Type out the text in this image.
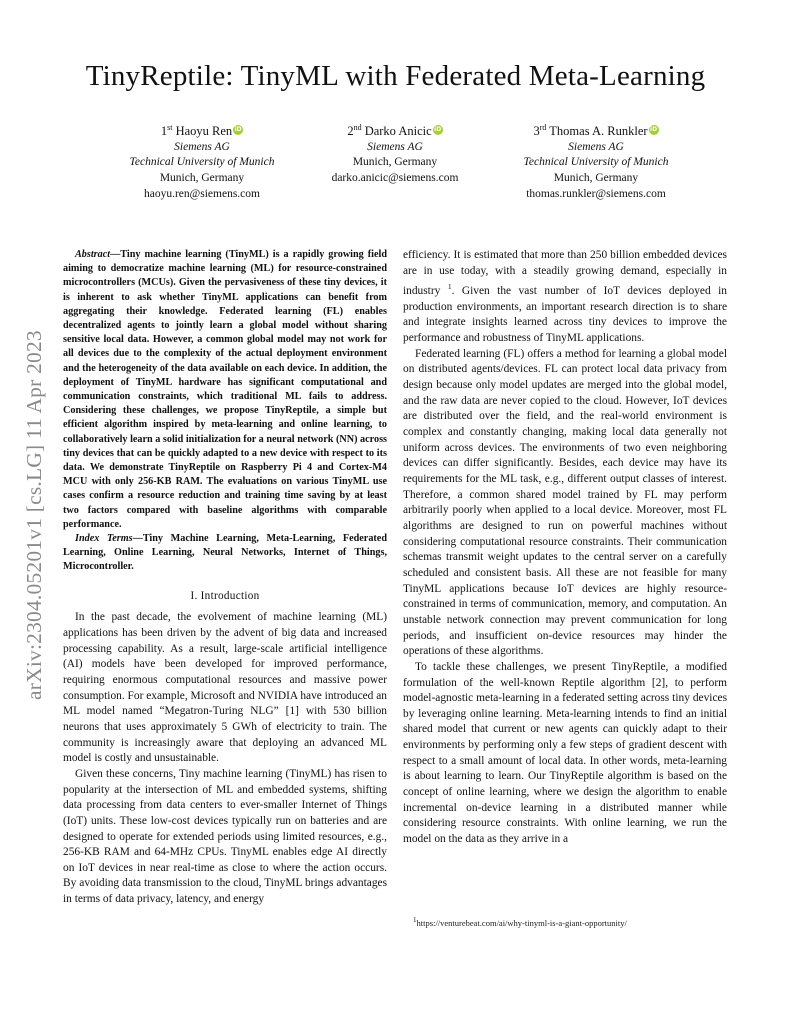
TinyReptile: TinyML with Federated Meta-Learning
1st Haoyu Ren iD
Siemens AG
Technical University of Munich
Munich, Germany
haoyu.ren@siemens.com
2nd Darko Anicic iD
Siemens AG
Munich, Germany
darko.anicic@siemens.com
3rd Thomas A. Runkler iD
Siemens AG
Technical University of Munich
Munich, Germany
thomas.runkler@siemens.com
arXiv:2304.05201v1 [cs.LG] 11 Apr 2023

Abstract—Tiny machine learning (TinyML) is a rapidly growing field aiming to democratize machine learning (ML) for resource-constrained microcontrollers (MCUs). Given the pervasiveness of these tiny devices, it is inherent to ask whether TinyML applications can benefit from aggregating their knowledge. Federated learning (FL) enables decentralized agents to jointly learn a global model without sharing sensitive local data. However, a common global model may not work for all devices due to the complexity of the actual deployment environment and the heterogeneity of the data available on each device. In addition, the deployment of TinyML hardware has significant computational and communication constraints, which traditional ML fails to address. Considering these challenges, we propose TinyReptile, a simple but efficient algorithm inspired by meta-learning and online learning, to collaboratively learn a solid initialization for a neural network (NN) across tiny devices that can be quickly adapted to a new device with respect to its data. We demonstrate TinyReptile on Raspberry Pi 4 and Cortex-M4 MCU with only 256-KB RAM. The evaluations on various TinyML use cases confirm a resource reduction and training time saving by at least two factors compared with baseline algorithms with comparable performance.

Index Terms—Tiny Machine Learning, Meta-Learning, Federated Learning, Online Learning, Neural Networks, Internet of Things, Microcontroller.

I. Introduction

In the past decade, the evolvement of machine learning (ML) applications has been driven by the advent of big data and increased processing capability. As a result, large-scale artificial intelligence (AI) models have been developed for improved performance, requiring enormous computational resources and massive power consumption. For example, Microsoft and NVIDIA have introduced an ML model named “Megatron-Turing NLG” [1] with 530 billion neurons that uses approximately 5 GWh of electricity to train. The community is increasingly aware that deploying an advanced ML model is costly and unsustainable.

Given these concerns, Tiny machine learning (TinyML) has risen to popularity at the intersection of ML and embedded systems, shifting data processing from data centers to ever-smaller Internet of Things (IoT) units. These low-cost devices typically run on batteries and are designed to operate for extended periods using limited resources, e.g., 256-KB RAM and 64-MHz CPUs. TinyML enables edge AI directly on IoT devices in near real-time as close to where the action occurs. By avoiding data transmission to the cloud, TinyML brings advantages in terms of data privacy, latency, and energy

efficiency. It is estimated that more than 250 billion embedded devices are in use today, with a steadily growing demand, especially in industry $^1$. Given the vast number of IoT devices deployed in production environments, an important research direction is to share and integrate insights learned across tiny devices to improve the performance and robustness of TinyML applications.

Federated learning (FL) offers a method for learning a global model on distributed agents/devices. FL can protect local data privacy from design because only model updates are merged into the global model, and the raw data are never copied to the cloud. However, IoT devices are distributed over the field, and the real-world environment is complex and constantly changing, making local data generally not uniform across devices. The environments of two even neighboring devices can differ significantly. Besides, each device may have its requirements for the ML task, e.g., different output classes of interest. Therefore, a common shared model trained by FL may perform arbitrarily poorly when applied to a local device. Moreover, most FL algorithms are designed to run on powerful machines without considering computational resource constraints. Their communication schemas transmit weight updates to the central server on a carefully scheduled and consistent basis. All these are not feasible for many TinyML applications because IoT devices are highly resource-constrained in terms of communication, memory, and computation. An unstable network connection may prevent communication for long periods, and insufficient on-device resources may hinder the operations of these algorithms.

To tackle these challenges, we present TinyReptile, a modified formulation of the well-known Reptile algorithm [2], to perform model-agnostic meta-learning in a federated setting across tiny devices by leveraging online learning. Meta-learning intends to find an initial shared model that current or new agents can quickly adapt to their environments by performing only a few steps of gradient descent with respect to a small amount of local data. In other words, meta-learning is about learning to learn. Our TinyReptile algorithm is based on the concept of online learning, where we design the algorithm to enable incremental on-device learning in a distributed manner while considering resource constraints. With online learning, we run the model on the data as they arrive in a

$^1$https://venturebeat.com/ai/why-tinyml-is-a-giant-opportunity/
